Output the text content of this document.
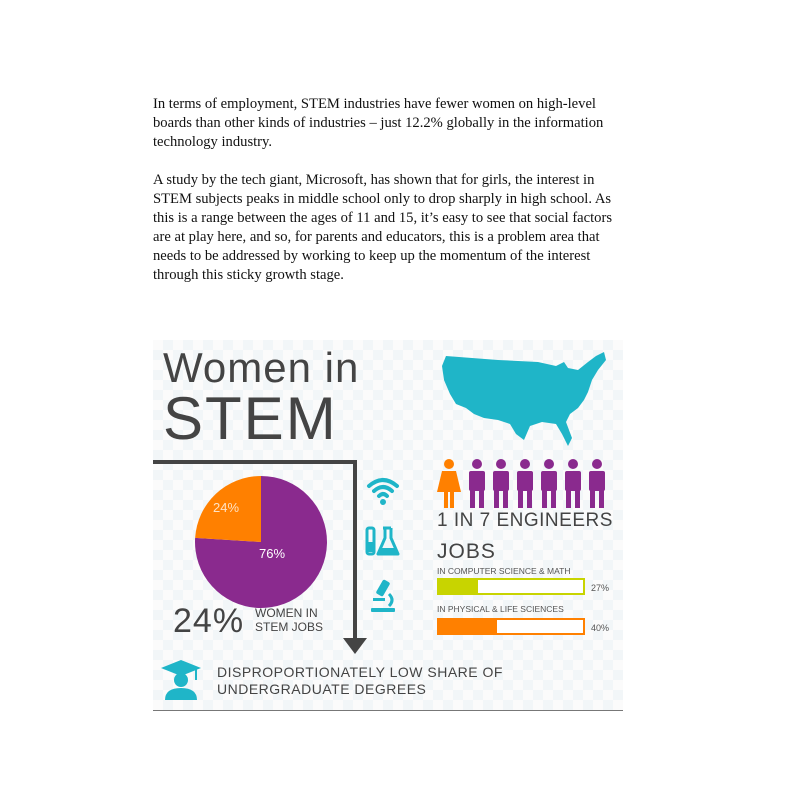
In terms of employment, STEM industries have fewer women on high-level boards than other kinds of industries – just 12.2% globally in the information technology industry.

A study by the tech giant, Microsoft, has shown that for girls, the interest in STEM subjects peaks in middle school only to drop sharply in high school. As this is a range between the ages of 11 and 15, it’s easy to see that social factors are at play here, and so, for parents and educators, this is a problem area that needs to be addressed by working to keep up the momentum of the interest through this sticky growth stage.

Women in
STEM
24%
76%
24% WOMEN IN
STEM JOBS
1 IN 7 ENGINEERS
JOBS
IN COMPUTER SCIENCE & MATH
27%
IN PHYSICAL & LIFE SCIENCES
40%
DISPROPORTIONATELY LOW SHARE OF
UNDERGRADUATE DEGREES
